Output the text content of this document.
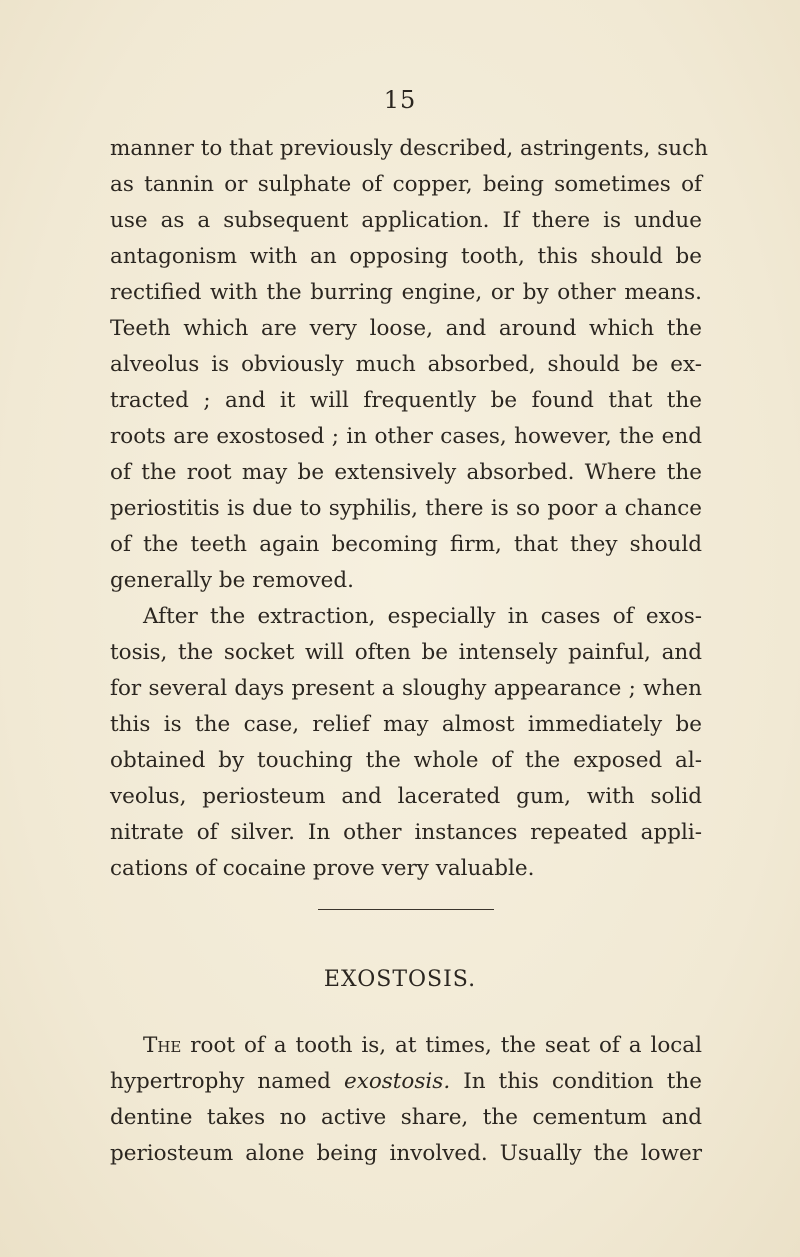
15
manner to that previously described, astringents, such
as tannin or sulphate of copper, being sometimes of
use as a subsequent application. If there is undue
antagonism with an opposing tooth, this should be
rectified with the burring engine, or by other means.
Teeth which are very loose, and around which the
alveolus is obviously much absorbed, should be ex-
tracted ; and it will frequently be found that the
roots are exostosed ; in other cases, however, the end
of the root may be extensively absorbed. Where the
periostitis is due to syphilis, there is so poor a chance
of the teeth again becoming firm, that they should
generally be removed.
After the extraction, especially in cases of exos-
tosis, the socket will often be intensely painful, and
for several days present a sloughy appearance ; when
this is the case, relief may almost immediately be
obtained by touching the whole of the exposed al-
veolus, periosteum and lacerated gum, with solid
nitrate of silver. In other instances repeated appli-
cations of cocaine prove very valuable.
EXOSTOSIS.
The root of a tooth is, at times, the seat of a local
hypertrophy named exostosis. In this condition the
dentine takes no active share, the cementum and
periosteum alone being involved. Usually the lower
